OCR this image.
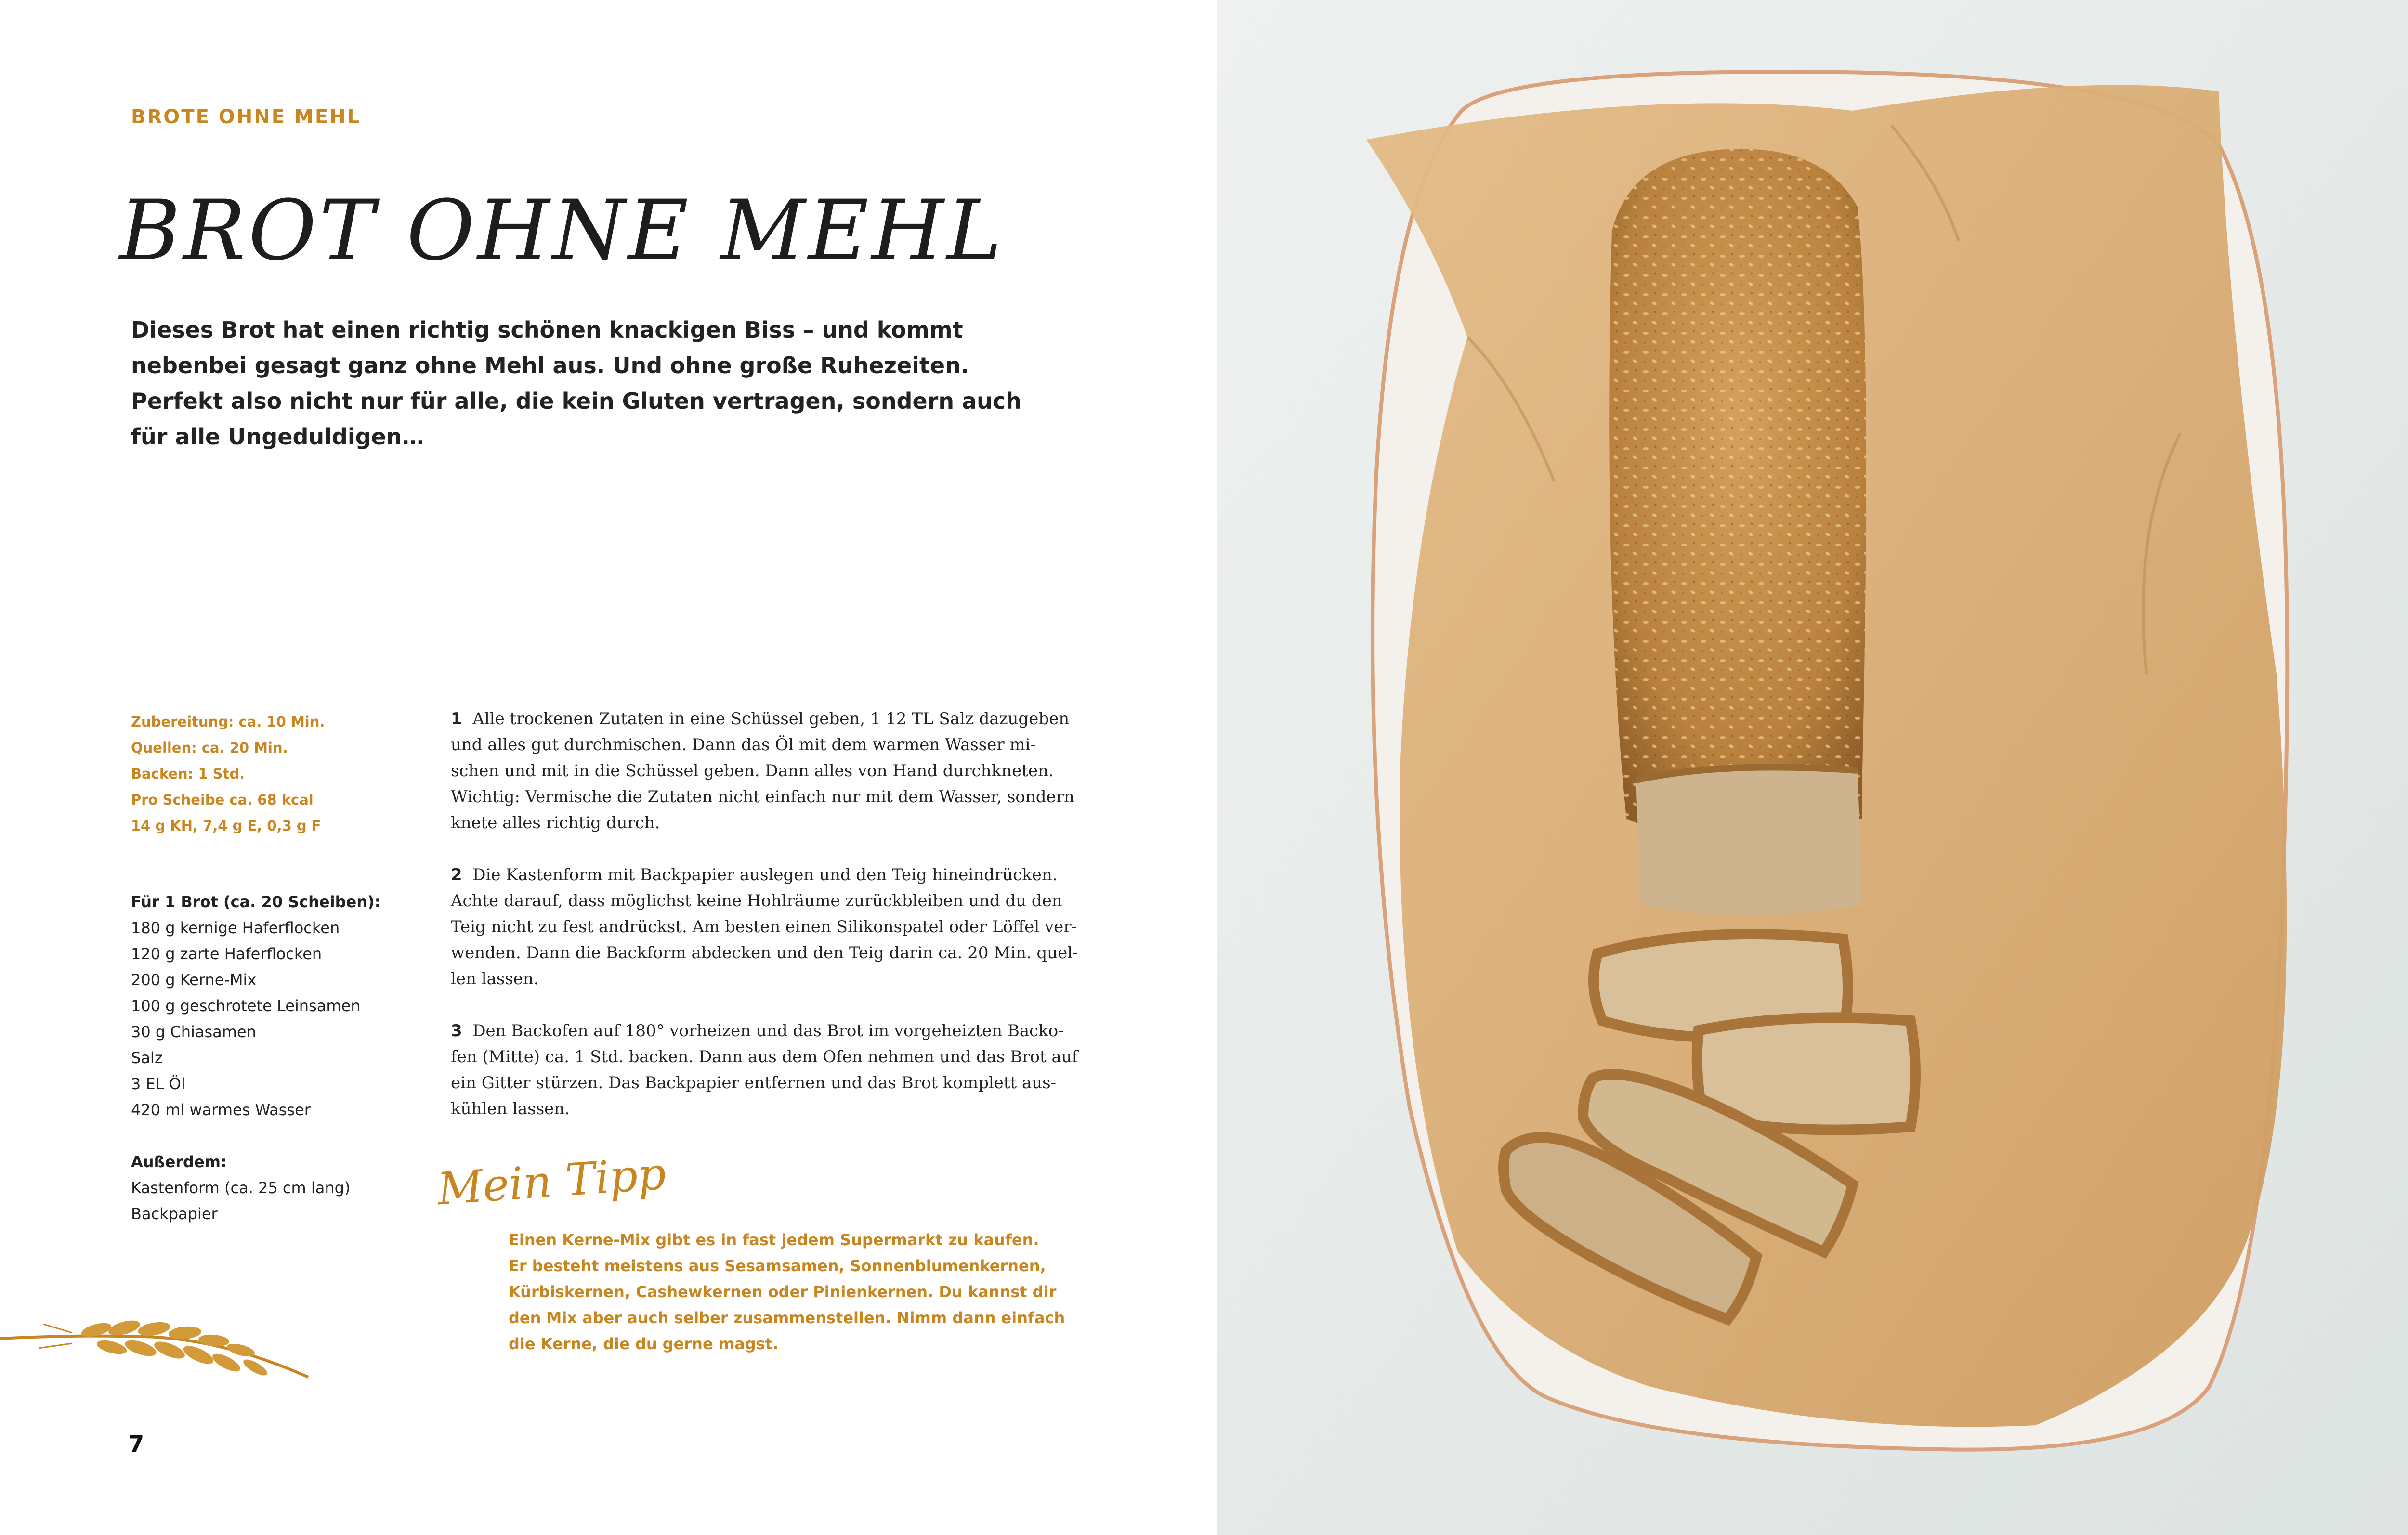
BROTE OHNE MEHL
BROT OHNE MEHL
Dieses Brot hat einen richtig schönen knackigen Biss – und kommt
nebenbei gesagt ganz ohne Mehl aus. Und ohne große Ruhezeiten.
Perfekt also nicht nur für alle, die kein Gluten vertragen, sondern auch
für alle Ungeduldigen…
Zubereitung: ca. 10 Min.
Quellen: ca. 20 Min.
Backen: 1 Std.
Pro Scheibe ca. 68 kcal
14 g KH, 7,4 g E, 0,3 g F
Für 1 Brot (ca. 20 Scheiben):
180 g kernige Haferflocken
120 g zarte Haferflocken
200 g Kerne-Mix
100 g geschrotete Leinsamen
30 g Chiasamen
Salz
3 EL Öl
420 ml warmes Wasser
Außerdem:
Kastenform (ca. 25 cm lang)
Backpapier
1 Alle trockenen Zutaten in eine Schüssel geben, 1 12 TL Salz dazugeben
und alles gut durchmischen. Dann das Öl mit dem warmen Wasser mi-
schen und mit in die Schüssel geben. Dann alles von Hand durchkneten.
Wichtig: Vermische die Zutaten nicht einfach nur mit dem Wasser, sondern
knete alles richtig durch.
2 Die Kastenform mit Backpapier auslegen und den Teig hineindrücken.
Achte darauf, dass möglichst keine Hohlräume zurückbleiben und du den
Teig nicht zu fest andrückst. Am besten einen Silikonspatel oder Löffel ver-
wenden. Dann die Backform abdecken und den Teig darin ca. 20 Min. quel-
len lassen.
3 Den Backofen auf 180° vorheizen und das Brot im vorgeheizten Backo-
fen (Mitte) ca. 1 Std. backen. Dann aus dem Ofen nehmen und das Brot auf
ein Gitter stürzen. Das Backpapier entfernen und das Brot komplett aus-
kühlen lassen.
Mein Tipp
Einen Kerne-Mix gibt es in fast jedem Supermarkt zu kaufen.
Er besteht meistens aus Sesamsamen, Sonnenblumenkernen,
Kürbiskernen, Cashewkernen oder Pinienkernen. Du kannst dir
den Mix aber auch selber zusammenstellen. Nimm dann einfach
die Kerne, die du gerne magst.
7
